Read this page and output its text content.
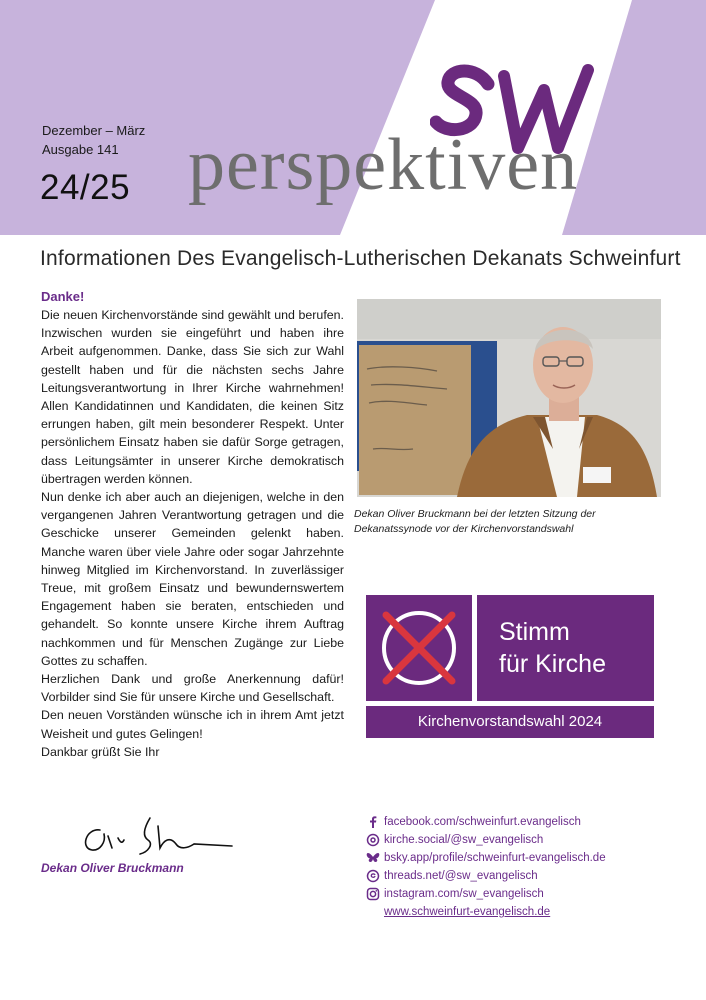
Dezember – März
Ausgabe 141
24/25 perspektiven
Informationen Des Evangelisch-Lutherischen Dekanats Schweinfurt
Danke!

Die neuen Kirchenvorstände sind gewählt und berufen. Inzwischen wurden sie eingeführt und haben ihre Arbeit aufgenommen. Danke, dass Sie sich zur Wahl gestellt haben und für die nächsten sechs Jahre Leitungsverantwortung in Ihrer Kirche wahrnehmen! Allen Kandidatinnen und Kandidaten, die keinen Sitz errungen haben, gilt mein besonderer Respekt. Unter persönlichem Einsatz haben sie dafür Sorge getragen, dass Leitungsämter in unserer Kirche demokratisch übertragen werden können.

Nun denke ich aber auch an diejenigen, welche in den vergangenen Jahren Verantwortung getragen und die Geschicke unserer Gemeinden gelenkt haben. Manche waren über viele Jahre oder sogar Jahrzehnte hinweg Mitglied im Kirchenvorstand. In zuverlässiger Treue, mit großem Einsatz und bewundernswertem Engagement haben sie beraten, entschieden und gehandelt. So konnte unsere Kirche ihrem Auftrag nachkommen und für Menschen Zugänge zur Liebe Gottes zu schaffen.

Herzlichen Dank und große Anerkennung dafür! Vorbilder sind Sie für unsere Kirche und Gesellschaft.

Den neuen Vorständen wünsche ich in ihrem Amt jetzt Weisheit und gutes Gelingen!

Dankbar grüßt Sie Ihr

Dekan Oliver Bruckmann
Dekan Oliver Bruckmann bei der letzten Sitzung der Dekanatssynode vor der Kirchenvorstandswahl
Stimm
für Kirche
Kirchenvorstandswahl 2024
facebook.com/schweinfurt.evangelisch
kirche.social/@sw_evangelisch
bsky.app/profile/schweinfurt-evangelisch.de
threads.net/@sw_evangelisch
instagram.com/sw_evangelisch
www.schweinfurt-evangelisch.de
